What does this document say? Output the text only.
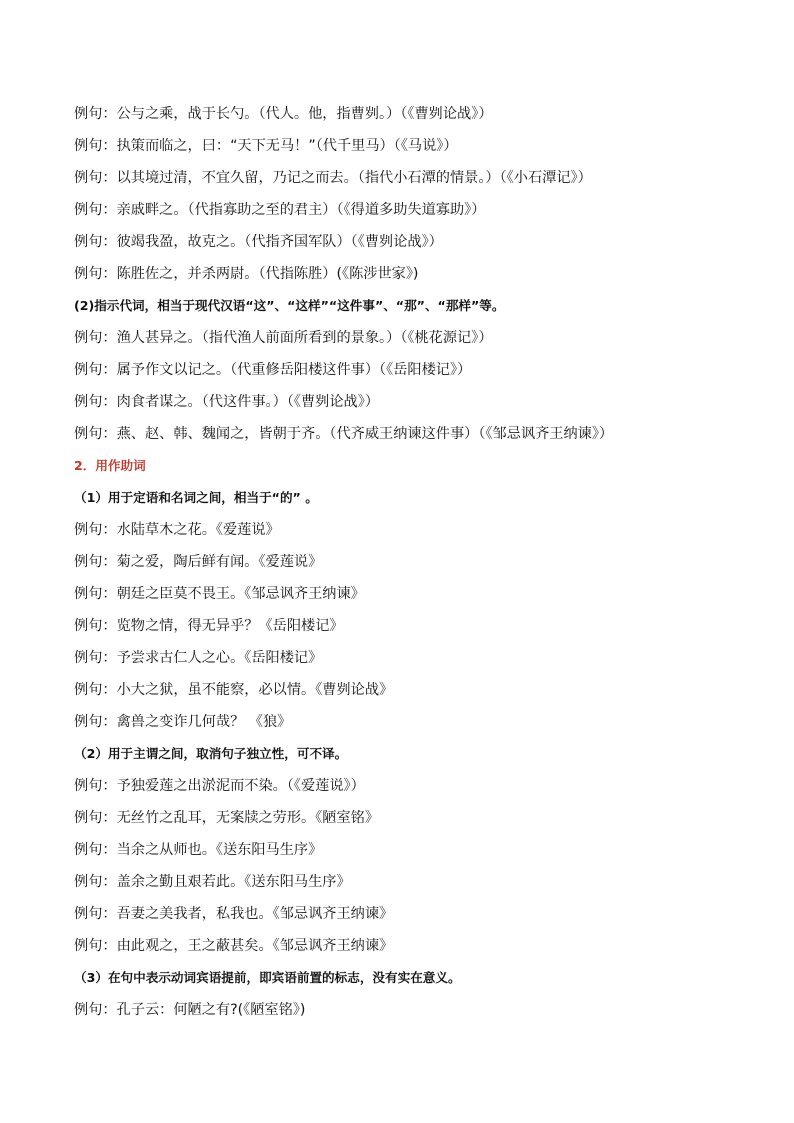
例句：公与之乘，战于长勺。（代人。他，指曹刿。）（《曹刿论战》）
例句：执策而临之，曰：“天下无马！”（代千里马）（《马说》）
例句：以其境过清，不宜久留，乃记之而去。（指代小石潭的情景。）（《小石潭记》）
例句：亲戚畔之。（代指寡助之至的君主）（《得道多助失道寡助》）
例句：彼竭我盈，故克之。（代指齐国军队）（《曹刿论战》）
例句：陈胜佐之，并杀两尉。（代指陈胜）(《陈涉世家》)
(2)指示代词，相当于现代汉语“这”、“这样”“这件事”、“那”、“那样”等。
例句：渔人甚异之。（指代渔人前面所看到的景象。）（《桃花源记》）
例句：属予作文以记之。（代重修岳阳楼这件事）（《岳阳楼记》）
例句：肉食者谋之。（代这件事。）（《曹刿论战》）
例句：燕、赵、韩、魏闻之，皆朝于齐。（代齐威王纳谏这件事）（《邹忌讽齐王纳谏》）
2．用作助词
（1）用于定语和名词之间，相当于“的” 。
例句：水陆草木之花。《爱莲说》
例句：菊之爱，陶后鲜有闻。《爱莲说》
例句：朝廷之臣莫不畏王。《邹忌讽齐王纳谏》
例句：览物之情，得无异乎？《岳阳楼记》
例句：予尝求古仁人之心。《岳阳楼记》
例句：小大之狱，虽不能察，必以情。《曹刿论战》
例句：禽兽之变诈几何哉？ 《狼》
（2）用于主谓之间，取消句子独立性，可不译。
例句：予独爱莲之出淤泥而不染。（《爱莲说》）
例句：无丝竹之乱耳，无案牍之劳形。《陋室铭》
例句：当余之从师也。《送东阳马生序》
例句：盖余之勤且艰若此。《送东阳马生序》
例句：吾妻之美我者，私我也。《邹忌讽齐王纳谏》
例句：由此观之，王之蔽甚矣。《邹忌讽齐王纳谏》
（3）在句中表示动词宾语提前，即宾语前置的标志，没有实在意义。
例句：孔子云：何陋之有?(《陋室铭》)
